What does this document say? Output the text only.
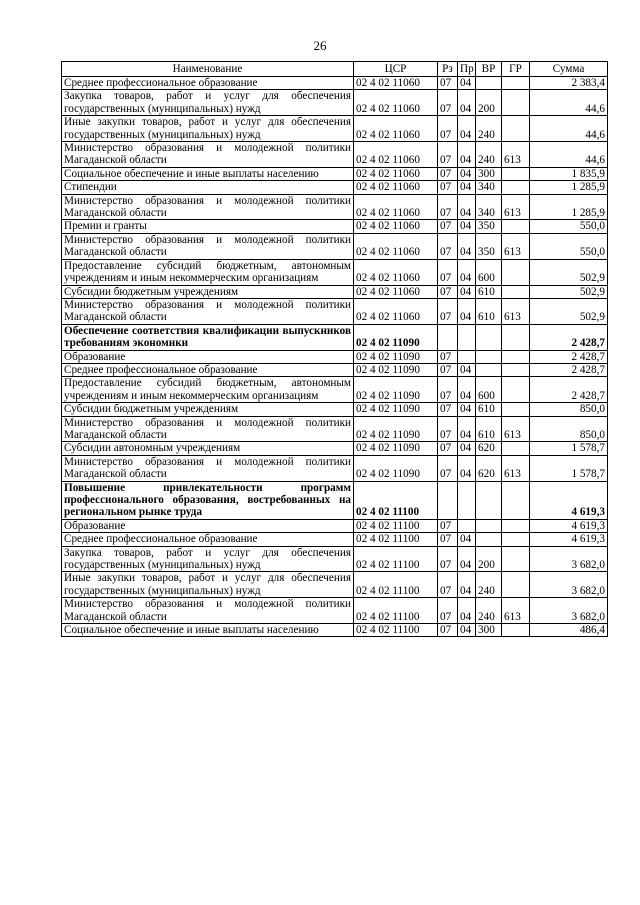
26
Наименование	ЦСР	Рз	Пр	ВР	ГР	Сумма
Среднее профессиональное образование	02 4 02 11060	07	04			2 383,4
Закупка товаров, работ и услуг для обеспечения государственных (муниципальных) нужд	02 4 02 11060	07	04	200		44,6
Иные закупки товаров, работ и услуг для обеспечения государственных (муниципальных) нужд	02 4 02 11060	07	04	240		44,6
Министерство образования и молодежной политики Магаданской области	02 4 02 11060	07	04	240	613	44,6
Социальное обеспечение и иные выплаты населению	02 4 02 11060	07	04	300		1 835,9
Стипендии	02 4 02 11060	07	04	340		1 285,9
Министерство образования и молодежной политики Магаданской области	02 4 02 11060	07	04	340	613	1 285,9
Премии и гранты	02 4 02 11060	07	04	350		550,0
Министерство образования и молодежной политики Магаданской области	02 4 02 11060	07	04	350	613	550,0
Предоставление субсидий бюджетным, автономным учреждениям и иным некоммерческим организациям	02 4 02 11060	07	04	600		502,9
Субсидии бюджетным учреждениям	02 4 02 11060	07	04	610		502,9
Министерство образования и молодежной политики Магаданской области	02 4 02 11060	07	04	610	613	502,9
Обеспечение соответствия квалификации выпускников требованиям экономики	02 4 02 11090					2 428,7
Образование	02 4 02 11090	07				2 428,7
Среднее профессиональное образование	02 4 02 11090	07	04			2 428,7
Предоставление субсидий бюджетным, автономным учреждениям и иным некоммерческим организациям	02 4 02 11090	07	04	600		2 428,7
Субсидии бюджетным учреждениям	02 4 02 11090	07	04	610		850,0
Министерство образования и молодежной политики Магаданской области	02 4 02 11090	07	04	610	613	850,0
Субсидии автономным учреждениям	02 4 02 11090	07	04	620		1 578,7
Министерство образования и молодежной политики Магаданской области	02 4 02 11090	07	04	620	613	1 578,7
Повышение привлекательности программ профессионального образования, востребованных на региональном рынке труда	02 4 02 11100					4 619,3
Образование	02 4 02 11100	07				4 619,3
Среднее профессиональное образование	02 4 02 11100	07	04			4 619,3
Закупка товаров, работ и услуг для обеспечения государственных (муниципальных) нужд	02 4 02 11100	07	04	200		3 682,0
Иные закупки товаров, работ и услуг для обеспечения государственных (муниципальных) нужд	02 4 02 11100	07	04	240		3 682,0
Министерство образования и молодежной политики Магаданской области	02 4 02 11100	07	04	240	613	3 682,0
Социальное обеспечение и иные выплаты населению	02 4 02 11100	07	04	300		486,4
